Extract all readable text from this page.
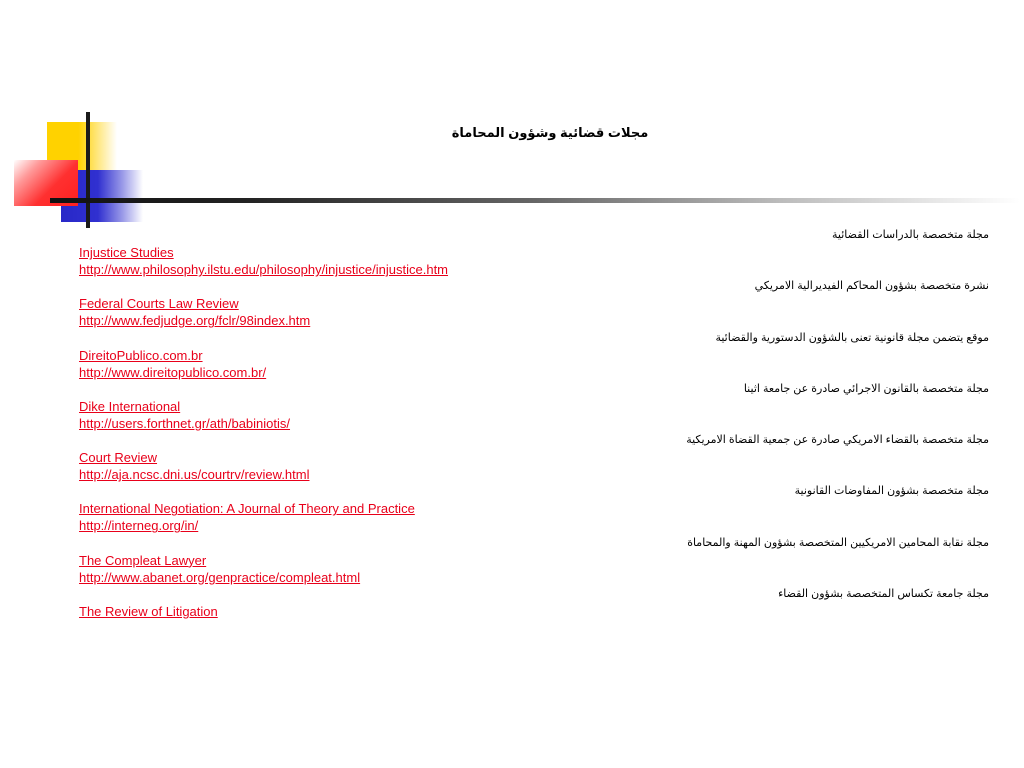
مجلات قضائية وشؤون المحاماة
مجلة متخصصة بالدراسات القضائية
Injustice Studies
http://www.philosophy.ilstu.edu/philosophy/injustice/injustice.htm
نشرة متخصصة بشؤون المحاكم الفيديرالية الامريكي
Federal Courts Law Review
http://www.fedjudge.org/fclr/98index.htm
موقع يتضمن مجلة قانونية تعنى بالشؤون الدستورية والقضائية
DireitoPublico.com.br
http://www.direitopublico.com.br/
مجلة متخصصة بالقانون الاجرائي صادرة عن جامعة اثينا
Dike International
http://users.forthnet.gr/ath/babiniotis/
مجلة متخصصة بالقضاء الامريكي صادرة عن جمعية القضاة الامريكية
Court Review
http://aja.ncsc.dni.us/courtrv/review.html
مجلة متخصصة بشؤون المفاوضات القانونية
International Negotiation: A Journal of Theory and Practice
http://interneg.org/in/
مجلة نقابة المحامين الامريكيين المتخصصة بشؤون المهنة والمحاماة
The Compleat Lawyer
http://www.abanet.org/genpractice/compleat.html
مجلة جامعة تكساس المتخصصة بشؤون القضاء
The Review of Litigation
